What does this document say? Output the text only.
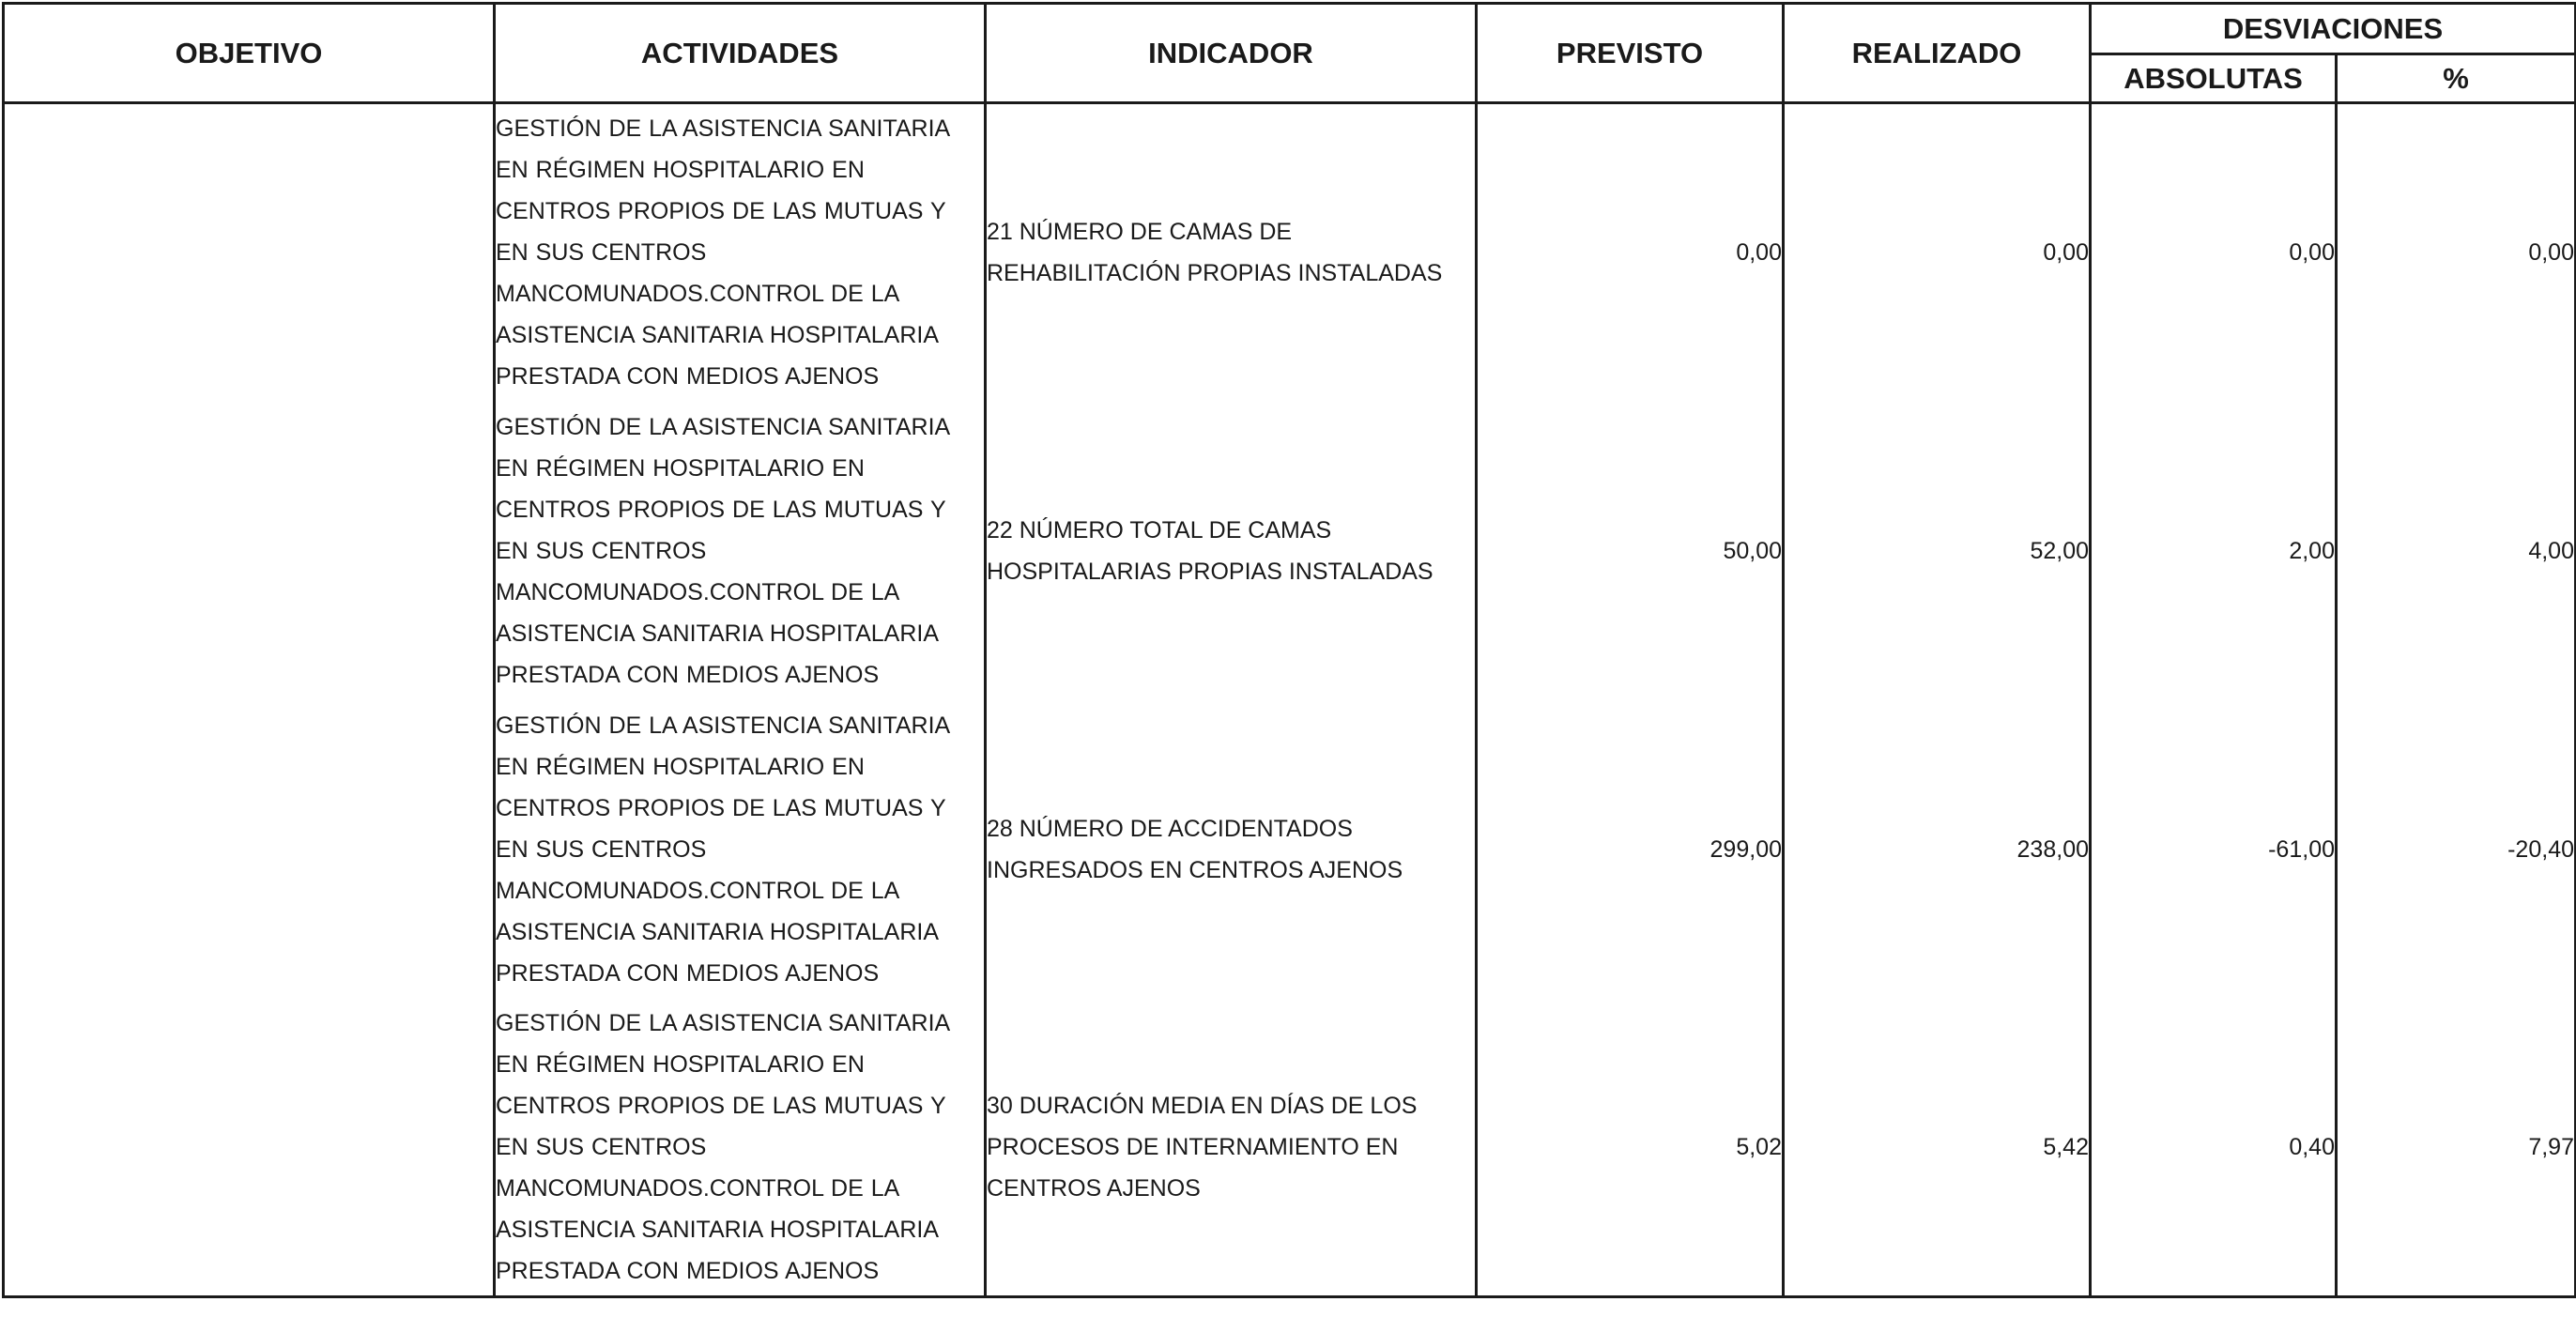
OBJETIVO	ACTIVIDADES	INDICADOR	PREVISTO	REALIZADO	DESVIACIONES	
					ABSOLUTAS	%
	GESTIÓN DE LA ASISTENCIA SANITARIA EN RÉGIMEN HOSPITALARIO EN CENTROS PROPIOS DE LAS MUTUAS Y EN SUS CENTROS MANCOMUNADOS.CONTROL DE LA ASISTENCIA SANITARIA HOSPITALARIA PRESTADA CON MEDIOS AJENOS	21 NÚMERO DE CAMAS DE REHABILITACIÓN PROPIAS INSTALADAS	0,00	0,00	0,00	0,00
	GESTIÓN DE LA ASISTENCIA SANITARIA EN RÉGIMEN HOSPITALARIO EN CENTROS PROPIOS DE LAS MUTUAS Y EN SUS CENTROS MANCOMUNADOS.CONTROL DE LA ASISTENCIA SANITARIA HOSPITALARIA PRESTADA CON MEDIOS AJENOS	22 NÚMERO TOTAL DE CAMAS HOSPITALARIAS PROPIAS INSTALADAS	50,00	52,00	2,00	4,00
	GESTIÓN DE LA ASISTENCIA SANITARIA EN RÉGIMEN HOSPITALARIO EN CENTROS PROPIOS DE LAS MUTUAS Y EN SUS CENTROS MANCOMUNADOS.CONTROL DE LA ASISTENCIA SANITARIA HOSPITALARIA PRESTADA CON MEDIOS AJENOS	28 NÚMERO DE ACCIDENTADOS INGRESADOS EN CENTROS AJENOS	299,00	238,00	-61,00	-20,40
	GESTIÓN DE LA ASISTENCIA SANITARIA EN RÉGIMEN HOSPITALARIO EN CENTROS PROPIOS DE LAS MUTUAS Y EN SUS CENTROS MANCOMUNADOS.CONTROL DE LA ASISTENCIA SANITARIA HOSPITALARIA PRESTADA CON MEDIOS AJENOS	30 DURACIÓN MEDIA EN DÍAS DE LOS PROCESOS DE INTERNAMIENTO EN CENTROS AJENOS	5,02	5,42	0,40	7,97
